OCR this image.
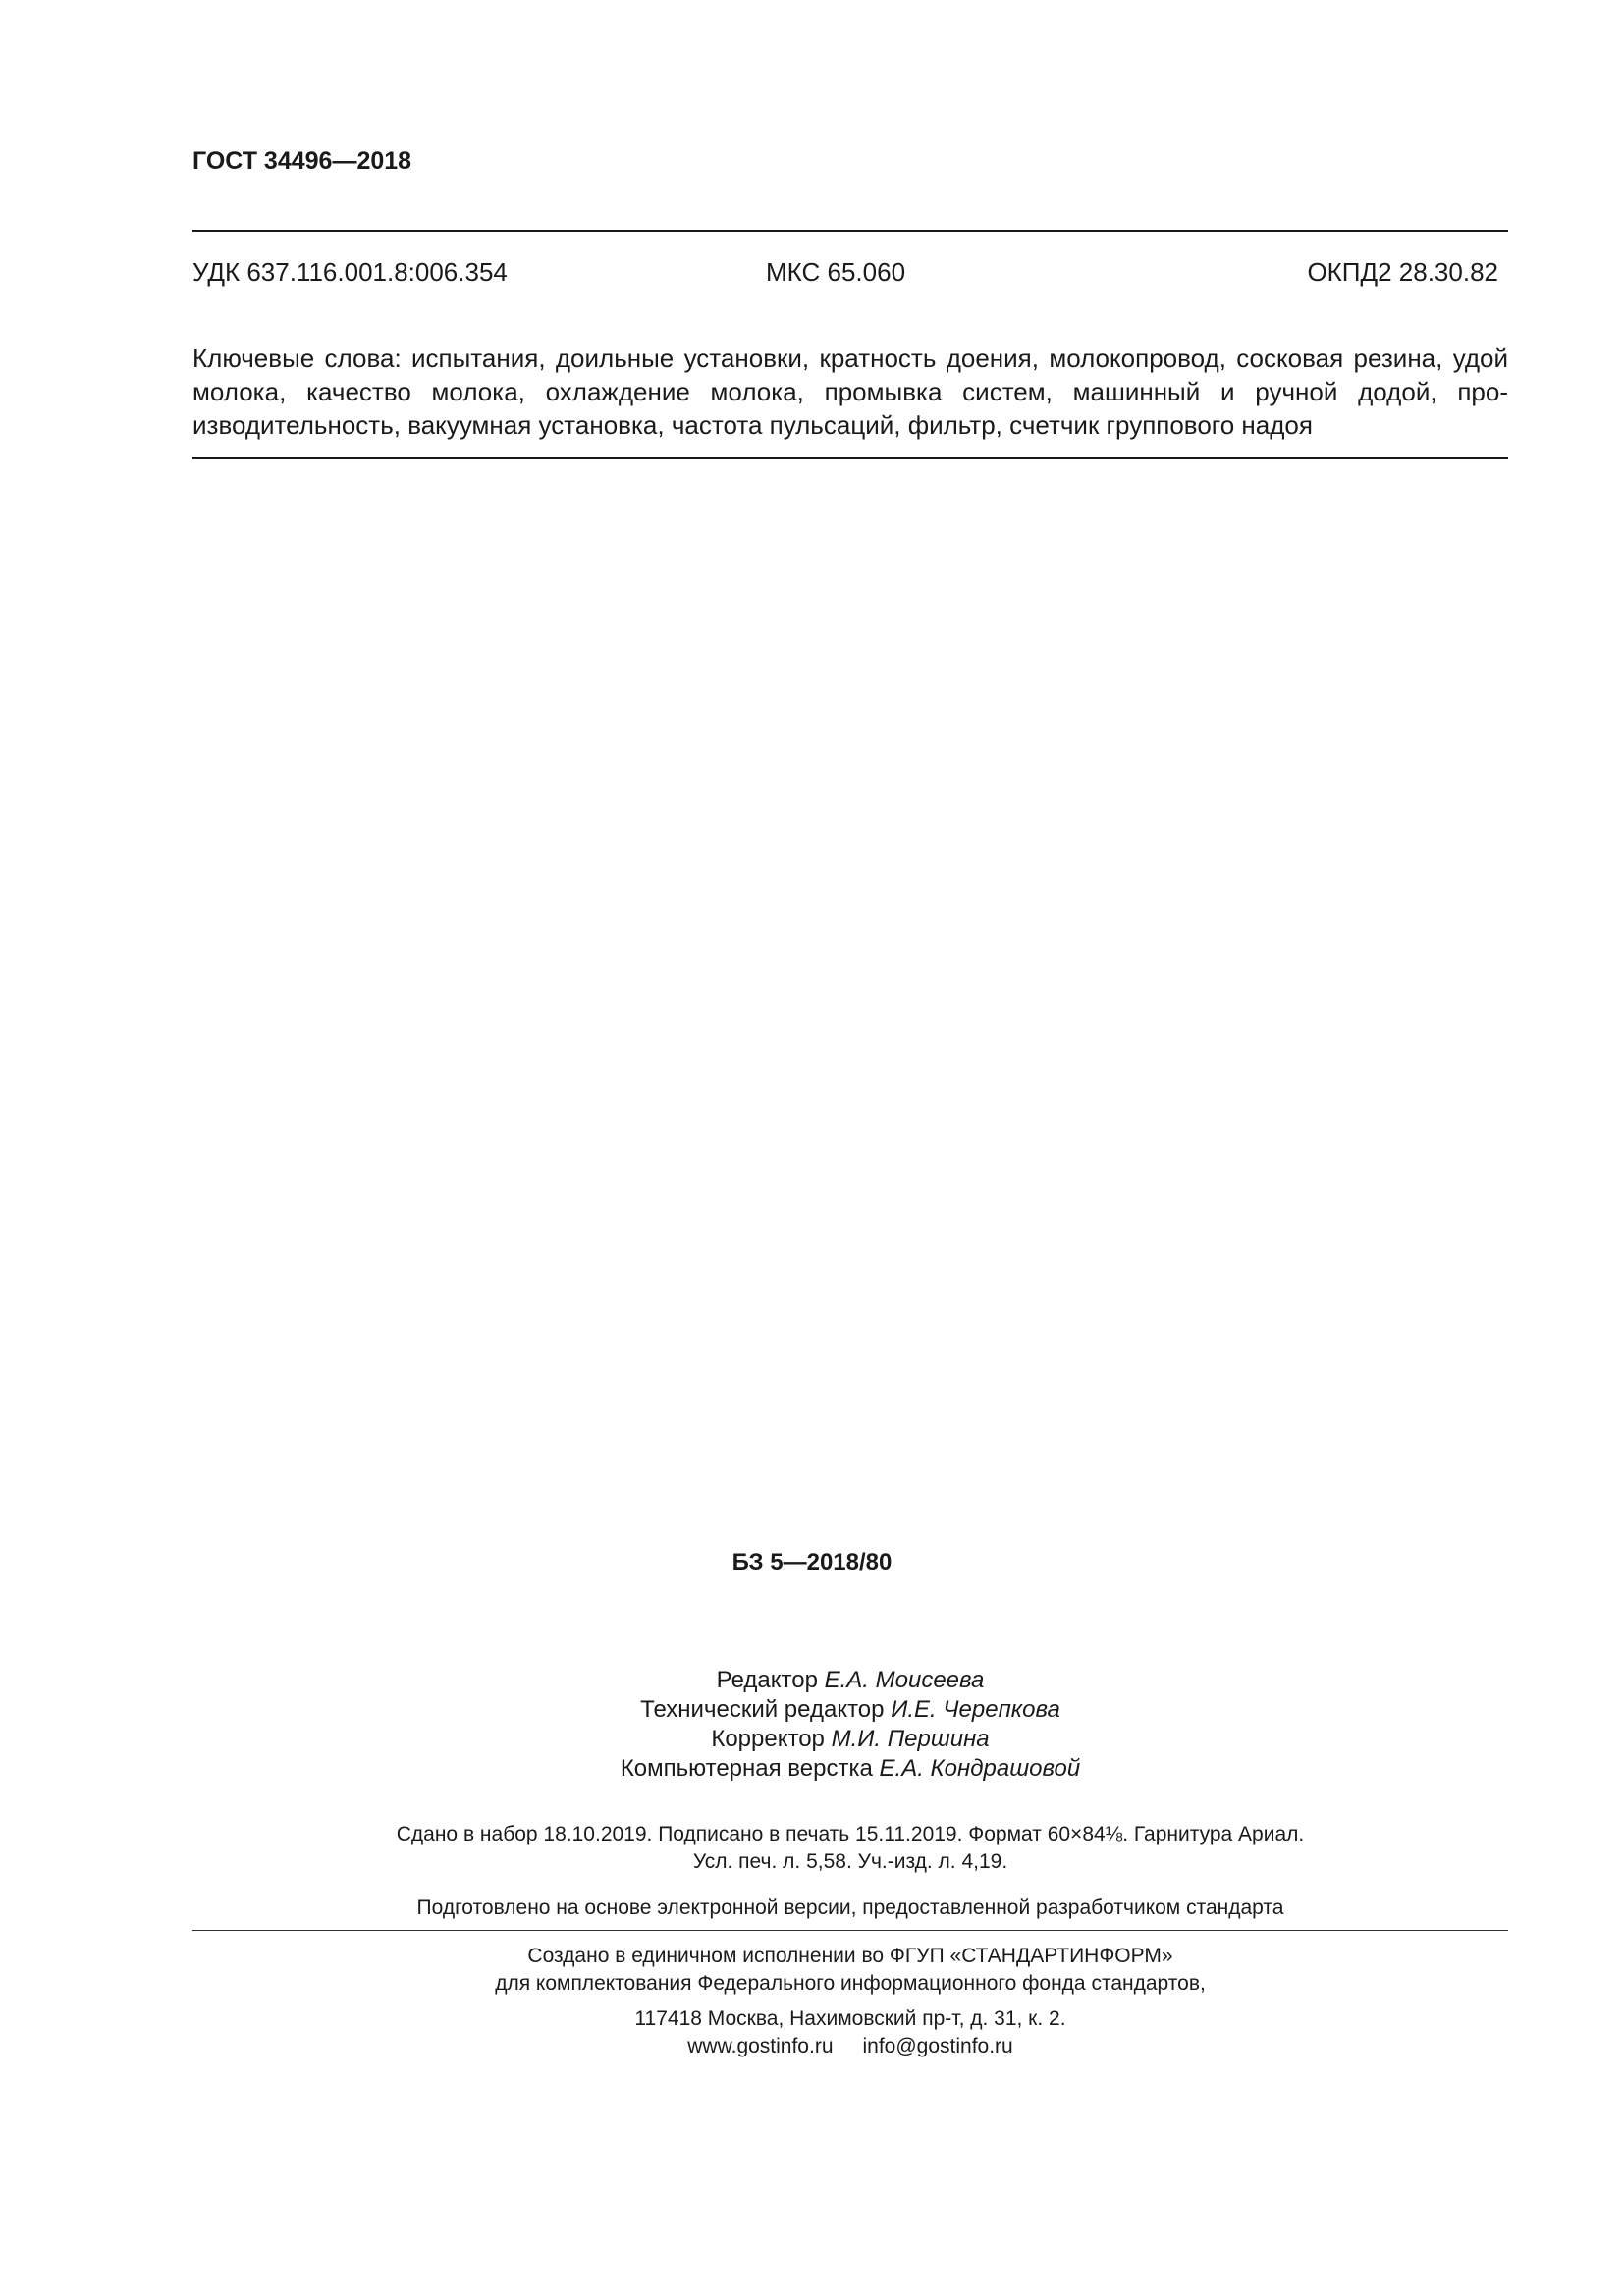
ГОСТ 34496—2018
УДК 637.116.001.8:006.354	МКС 65.060	ОКПД2 28.30.82
Ключевые слова: испытания, доильные установки, кратность доения, молокопровод, сосковая резина, удой молока, качество молока, охлаждение молока, промывка систем, машинный и ручной додой, производительность, вакуумная установка, частота пульсаций, фильтр, счетчик группового надоя
БЗ 5—2018/80
Редактор Е.А. Моисеева
Технический редактор И.Е. Черепкова
Корректор М.И. Першина
Компьютерная верстка Е.А. Кондрашовой
Сдано в набор 18.10.2019. Подписано в печать 15.11.2019. Формат 60×84⅛. Гарнитура Ариал.
Усл. печ. л. 5,58. Уч.-изд. л. 4,19.
Подготовлено на основе электронной версии, предоставленной разработчиком стандарта
Создано в единичном исполнении во ФГУП «СТАНДАРТИНФОРМ»
для комплектования Федерального информационного фонда стандартов,
117418 Москва, Нахимовский пр-т, д. 31, к. 2.
www.gostinfo.ru info@gostinfo.ru
